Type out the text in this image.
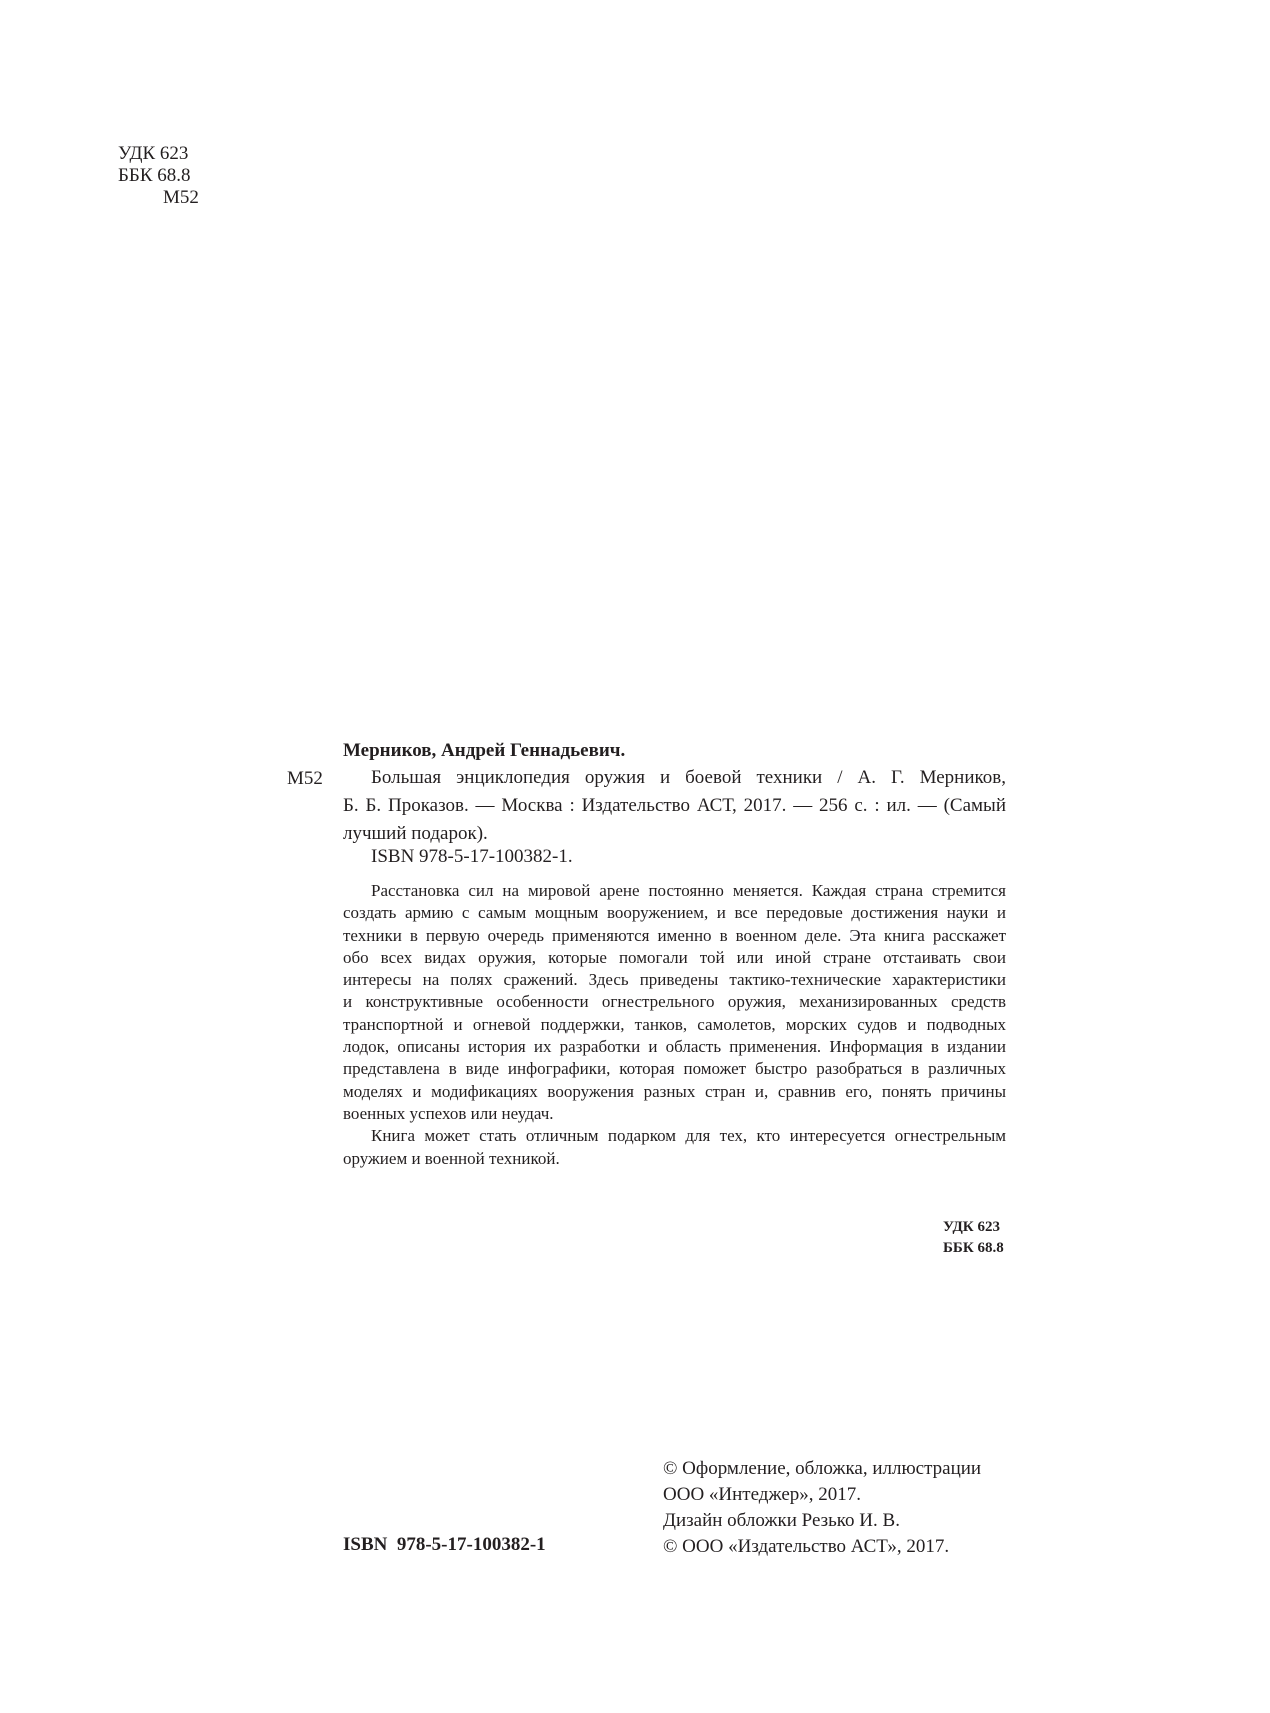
УДК 623
ББК 68.8
М52
Мерников, Андрей Геннадьевич.
М52	Большая энциклопедия оружия и боевой техники / А. Г. Мерников,
Б. Б. Проказов. — Москва : Издательство АСТ, 2017. — 256 с. : ил. — (Самый
лучший подарок).
ISBN 978-5-17-100382-1.
Расстановка сил на мировой арене постоянно меняется. Каждая страна стремится
создать армию с самым мощным вооружением, и все передовые достижения науки и
техники в первую очередь применяются именно в военном деле. Эта книга расскажет
обо всех видах оружия, которые помогали той или иной стране отстаивать свои
интересы на полях сражений. Здесь приведены тактико-технические характеристики
и конструктивные особенности огнестрельного оружия, механизированных средств
транспортной и огневой поддержки, танков, самолетов, морских судов и подводных
лодок, описаны история их разработки и область применения. Информация в издании
представлена в виде инфографики, которая поможет быстро разобраться в различных
моделях и модификациях вооружения разных стран и, сравнив его, понять причины
военных успехов или неудач.
Книга может стать отличным подарком для тех, кто интересуется огнестрельным
оружием и военной техникой.
УДК 623
ББК 68.8
ISBN  978-5-17-100382-1
© Оформление, обложка, иллюстрации
ООО «Интеджер», 2017.
Дизайн обложки Резько И. В.
© ООО «Издательство АСТ», 2017.
